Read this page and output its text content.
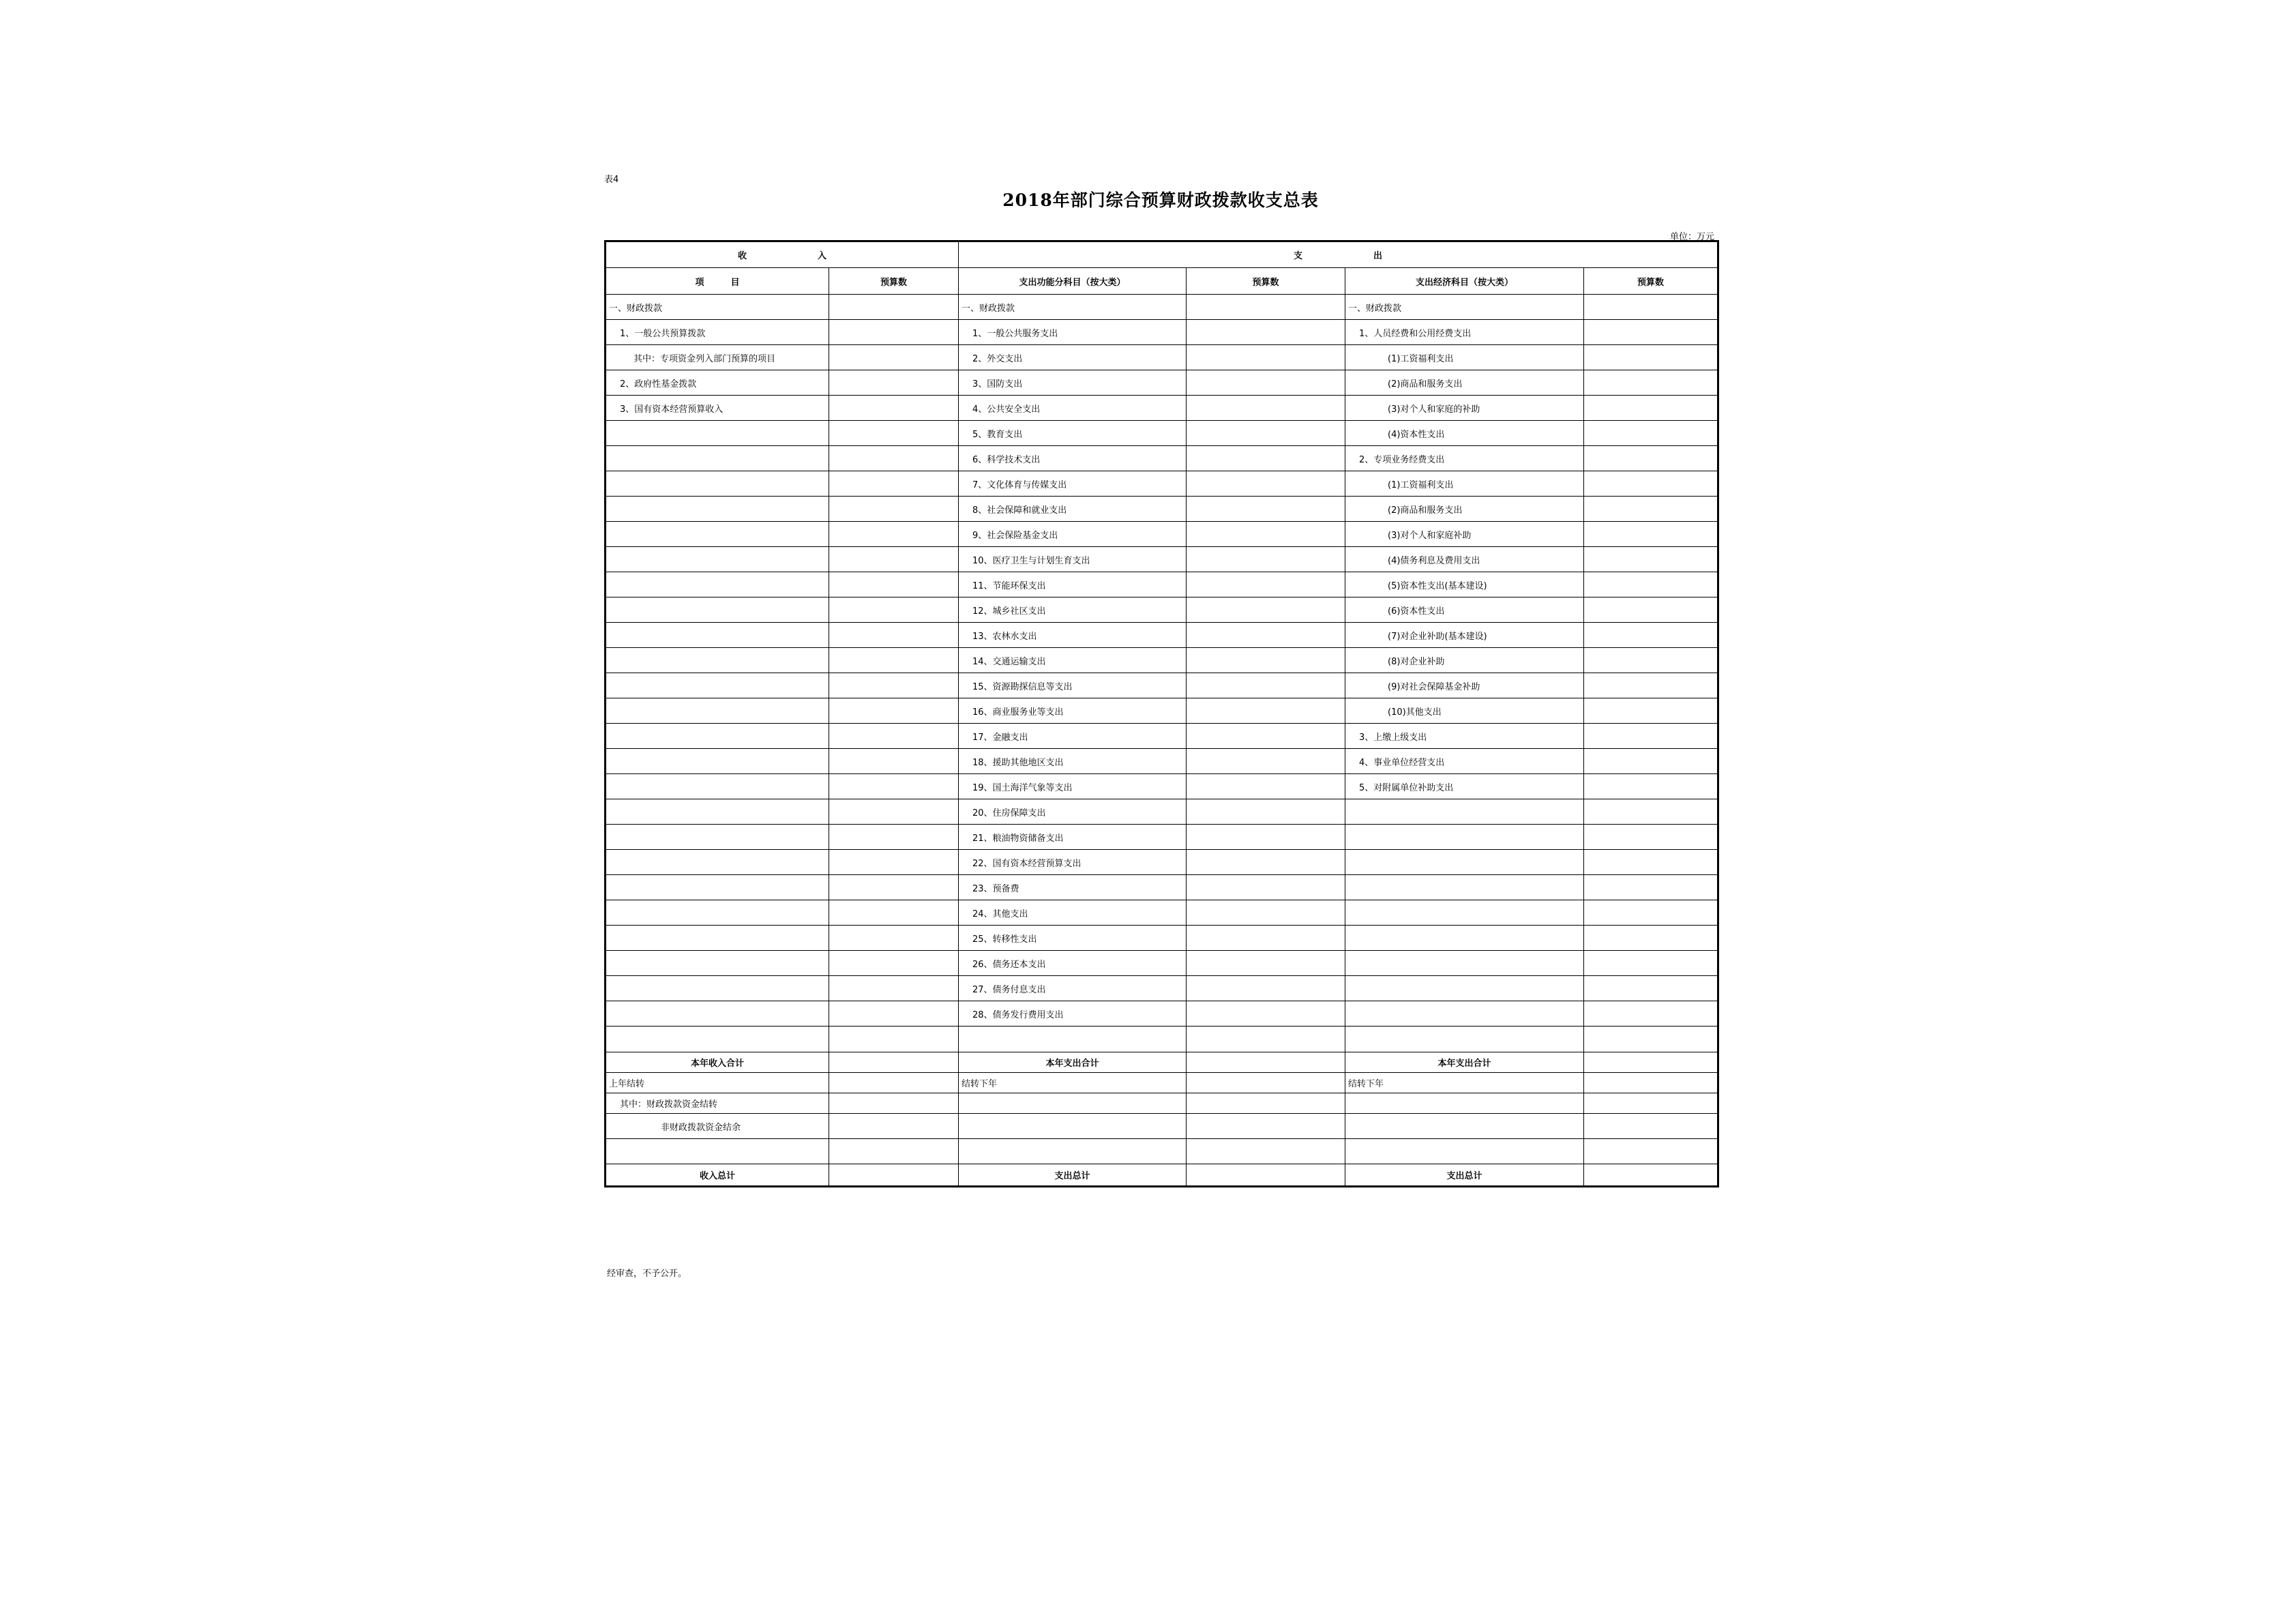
表4
2018年部门综合预算财政拨款收支总表
单位：万元
收　　　　　　　　入		支　　　　　　　　出			
项　　　目	预算数	支出功能分科目（按大类）	预算数	支出经济科目（按大类）	预算数
一、财政拨款		一、财政拨款		一、财政拨款	
1、一般公共预算拨款		1、一般公共服务支出		1、人员经费和公用经费支出	
其中：专项资金列入部门预算的项目		2、外交支出		(1)工资福利支出	
2、政府性基金拨款		3、国防支出		(2)商品和服务支出	
3、国有资本经营预算收入		4、公共安全支出		(3)对个人和家庭的补助	
		5、教育支出		(4)资本性支出	
		6、科学技术支出		2、专项业务经费支出	
		7、文化体育与传媒支出		(1)工资福利支出	
		8、社会保障和就业支出		(2)商品和服务支出	
		9、社会保险基金支出		(3)对个人和家庭补助	
		10、医疗卫生与计划生育支出		(4)债务利息及费用支出	
		11、节能环保支出		(5)资本性支出(基本建设)	
		12、城乡社区支出		(6)资本性支出	
		13、农林水支出		(7)对企业补助(基本建设)	
		14、交通运输支出		(8)对企业补助	
		15、资源勘探信息等支出		(9)对社会保障基金补助	
		16、商业服务业等支出		(10)其他支出	
		17、金融支出		3、上缴上级支出	
		18、援助其他地区支出		4、事业单位经营支出	
		19、国土海洋气象等支出		5、对附属单位补助支出	
		20、住房保障支出			
		21、粮油物资储备支出			
		22、国有资本经营预算支出			
		23、预备费			
		24、其他支出			
		25、转移性支出			
		26、债务还本支出			
		27、债务付息支出			
		28、债务发行费用支出			

本年收入合计		本年支出合计		本年支出合计	
上年结转		结转下年		结转下年	
其中：财政拨款资金结转					
非财政拨款资金结余					

收入总计		支出总计		支出总计	
经审查，不予公开。
